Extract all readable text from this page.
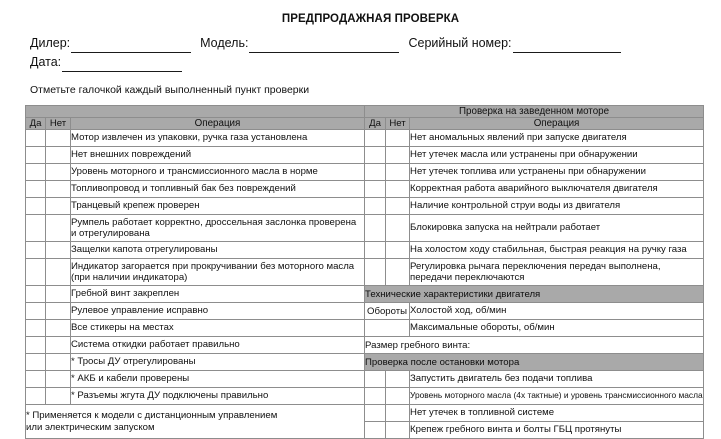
ПРЕДПРОДАЖНАЯ ПРОВЕРКА
Дилер:	Модель:	Серийный номер:
Дата:
Отметьте галочкой каждый выполненный пункт проверки
			Проверка на заведенном моторе		
Да	Нет	Операция	Да	Нет	Операция
		Мотор извлечен из упаковки, ручка газа установлена			Нет аномальных явлений при запуске двигателя
		Нет внешних повреждений			Нет утечек масла или устранены при обнаружении
		Уровень моторного и трансмиссионного масла в норме			Нет утечек топлива или устранены при обнаружении
		Топливопровод и топливный бак без повреждений			Корректная работа аварийного выключателя двигателя
		Транцевый крепеж проверен			Наличие контрольной струи воды из двигателя
		Румпель работает корректно, дроссельная заслонка проверена и отрегулирована			Блокировка запуска на нейтрали работает
		Защелки капота отрегулированы			На холостом ходу стабильная, быстрая реакция на ручку газа
		Индикатор загорается при прокручивании без моторного масла (при наличии индикатора)			Регулировка рычага переключения передач выполнена, передачи переключаются
		Гребной винт закреплен	Технические характеристики двигателя		
		Рулевое управление исправно	Обороты		Холостой ход, об/мин
		Все стикеры на местах			Максимальные обороты, об/мин
		Система откидки работает правильно	Размер гребного винта:		
		* Тросы ДУ отрегулированы	Проверка после остановки мотора		
		* АКБ и кабели проверены			Запустить двигатель без подачи топлива
		* Разъемы жгута ДУ подключены правильно			Уровень моторного масла (4х тактные) и уровень трансмиссионного масла

* Применяется к модели с дистанционным управлением
или электрическим запуском					Нет утечек в топливной системе
					Крепеж гребного винта и болты ГБЦ протянуты
